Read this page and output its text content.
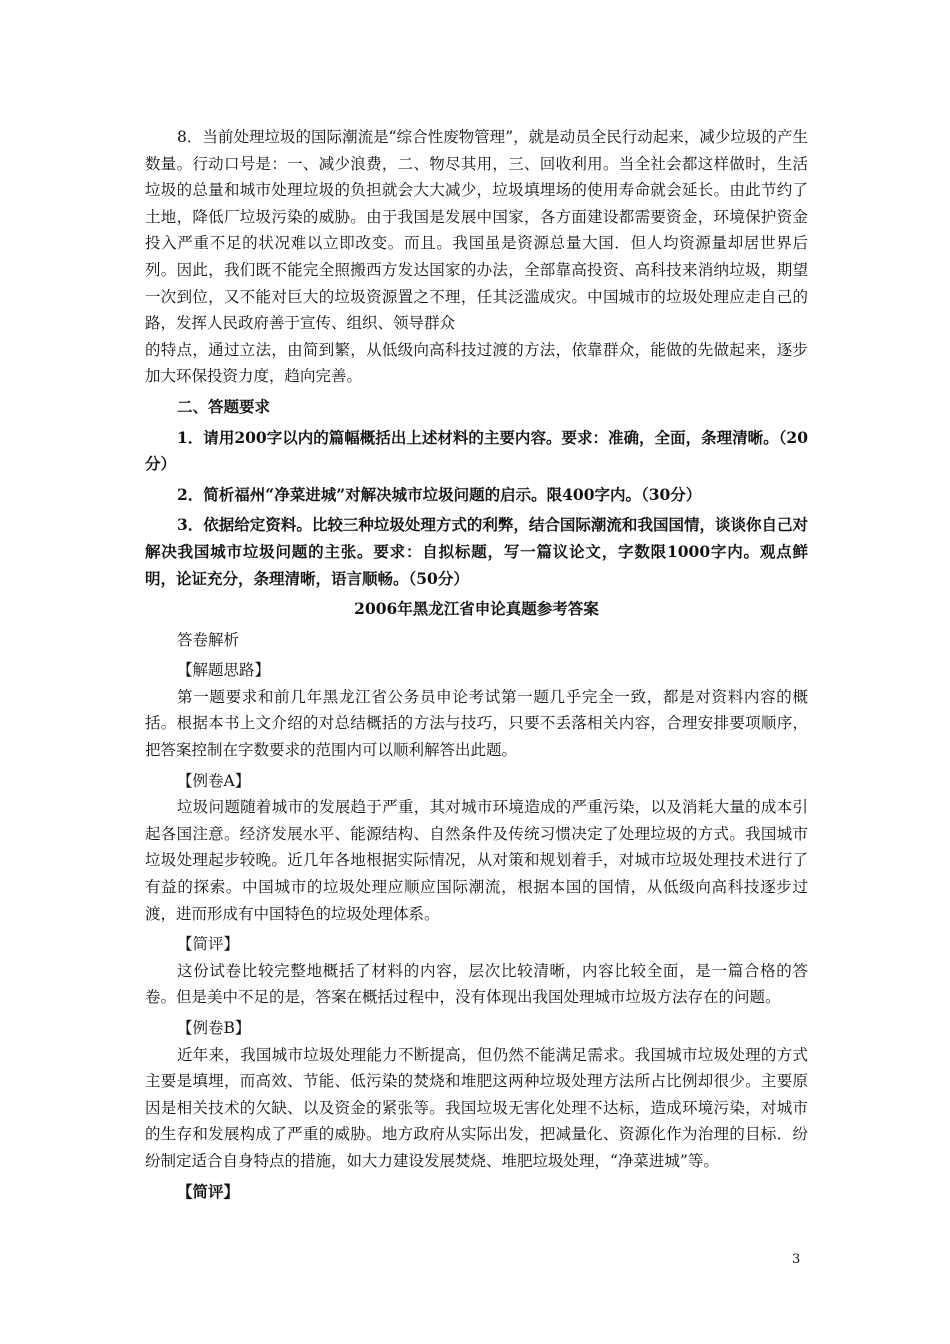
8．当前处理垃圾的国际潮流是“综合性废物管理”，就是动员全民行动起来，减少垃圾的产生数量。行动口号是：一、减少浪费，二、物尽其用，三、回收利用。当全社会都这样做时，生活垃圾的总量和城市处理垃圾的负担就会大大减少，垃圾填埋场的使用寿命就会延长。由此节约了土地，降低厂垃圾污染的威胁。由于我国是发展中国家，各方面建设都需要资金，环境保护资金投入严重不足的状况难以立即改变。而且。我国虽是资源总量大国．但人均资源量却居世界后列。因此，我们既不能完全照搬西方发达国家的办法，全部靠高投资、高科技来消纳垃圾，期望一次到位，又不能对巨大的垃圾资源置之不理，任其泛滥成灾。中国城市的垃圾处理应走自己的路，发挥人民政府善于宣传、组织、领导群众

的特点，通过立法，由简到繁，从低级向高科技过渡的方法，依靠群众，能做的先做起来，逐步加大环保投资力度，趋向完善。

二、答题要求

1．请用200字以内的篇幅概括出上述材料的主要内容。要求：准确，全面，条理清晰。（20分）

2．简析福州“净菜进城”对解决城市垃圾问题的启示。限400字内。（30分）

3．依据给定资料。比较三种垃圾处理方式的利弊，结合国际潮流和我国国情，谈谈你自己对解决我国城市垃圾问题的主张。要求：自拟标题，写一篇议论文，字数限1000字内。观点鲜明，论证充分，条理清晰，语言顺畅。（50分）

2006年黑龙江省申论真题参考答案

答卷解析

【解题思路】

第一题要求和前几年黑龙江省公务员申论考试第一题几乎完全一致，都是对资料内容的概括。根据本书上文介绍的对总结概括的方法与技巧，只要不丢落相关内容，合理安排要项顺序，把答案控制在字数要求的范围内可以顺利解答出此题。

【例卷A】

垃圾问题随着城市的发展趋于严重，其对城市环境造成的严重污染，以及消耗大量的成本引起各国注意。经济发展水平、能源结构、自然条件及传统习惯决定了处理垃圾的方式。我国城市垃圾处理起步较晚。近几年各地根据实际情况，从对策和规划着手，对城市垃圾处理技术进行了有益的探索。中国城市的垃圾处理应顺应国际潮流，根据本国的国情，从低级向高科技逐步过渡，进而形成有中国特色的垃圾处理体系。

【简评】

这份试卷比较完整地概括了材料的内容，层次比较清晰，内容比较全面，是一篇合格的答卷。但是美中不足的是，答案在概括过程中，没有体现出我国处理城市垃圾方法存在的问题。

【例卷B】

近年来，我国城市垃圾处理能力不断提高，但仍然不能满足需求。我国城市垃圾处理的方式主要是填埋，而高效、节能、低污染的焚烧和堆肥这两种垃圾处理方法所占比例却很少。主要原因是相关技术的欠缺、以及资金的紧张等。我国垃圾无害化处理不达标，造成环境污染，对城市的生存和发展构成了严重的威胁。地方政府从实际出发，把减量化、资源化作为治理的目标．纷纷制定适合自身特点的措施，如大力建设发展焚烧、堆肥垃圾处理，“净菜进城”等。

【简评】

3
